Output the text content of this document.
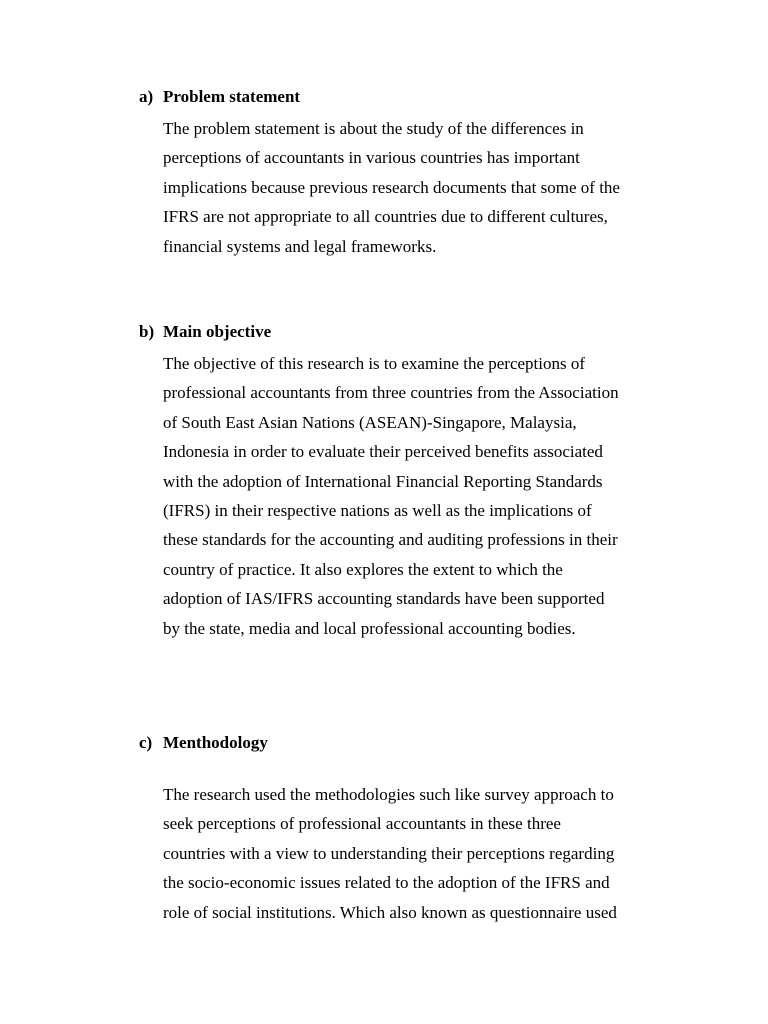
a) Problem statement
The problem statement is about the study of the differences in
perceptions of accountants in various countries has important
implications because previous research documents that some of the
IFRS are not appropriate to all countries due to different cultures,
financial systems and legal frameworks.
b) Main objective
The objective of this research is to examine the perceptions of
professional accountants from three countries from the Association
of South East Asian Nations (ASEAN)-Singapore, Malaysia,
Indonesia in order to evaluate their perceived benefits associated
with the adoption of International Financial Reporting Standards
(IFRS) in their respective nations as well as the implications of
these standards for the accounting and auditing professions in their
country of practice. It also explores the extent to which the
adoption of IAS/IFRS accounting standards have been supported
by the state, media and local professional accounting bodies.
c) Menthodology
The research used the methodologies such like survey approach to
seek perceptions of professional accountants in these three
countries with a view to understanding their perceptions regarding
the socio-economic issues related to the adoption of the IFRS and
role of social institutions. Which also known as questionnaire used
